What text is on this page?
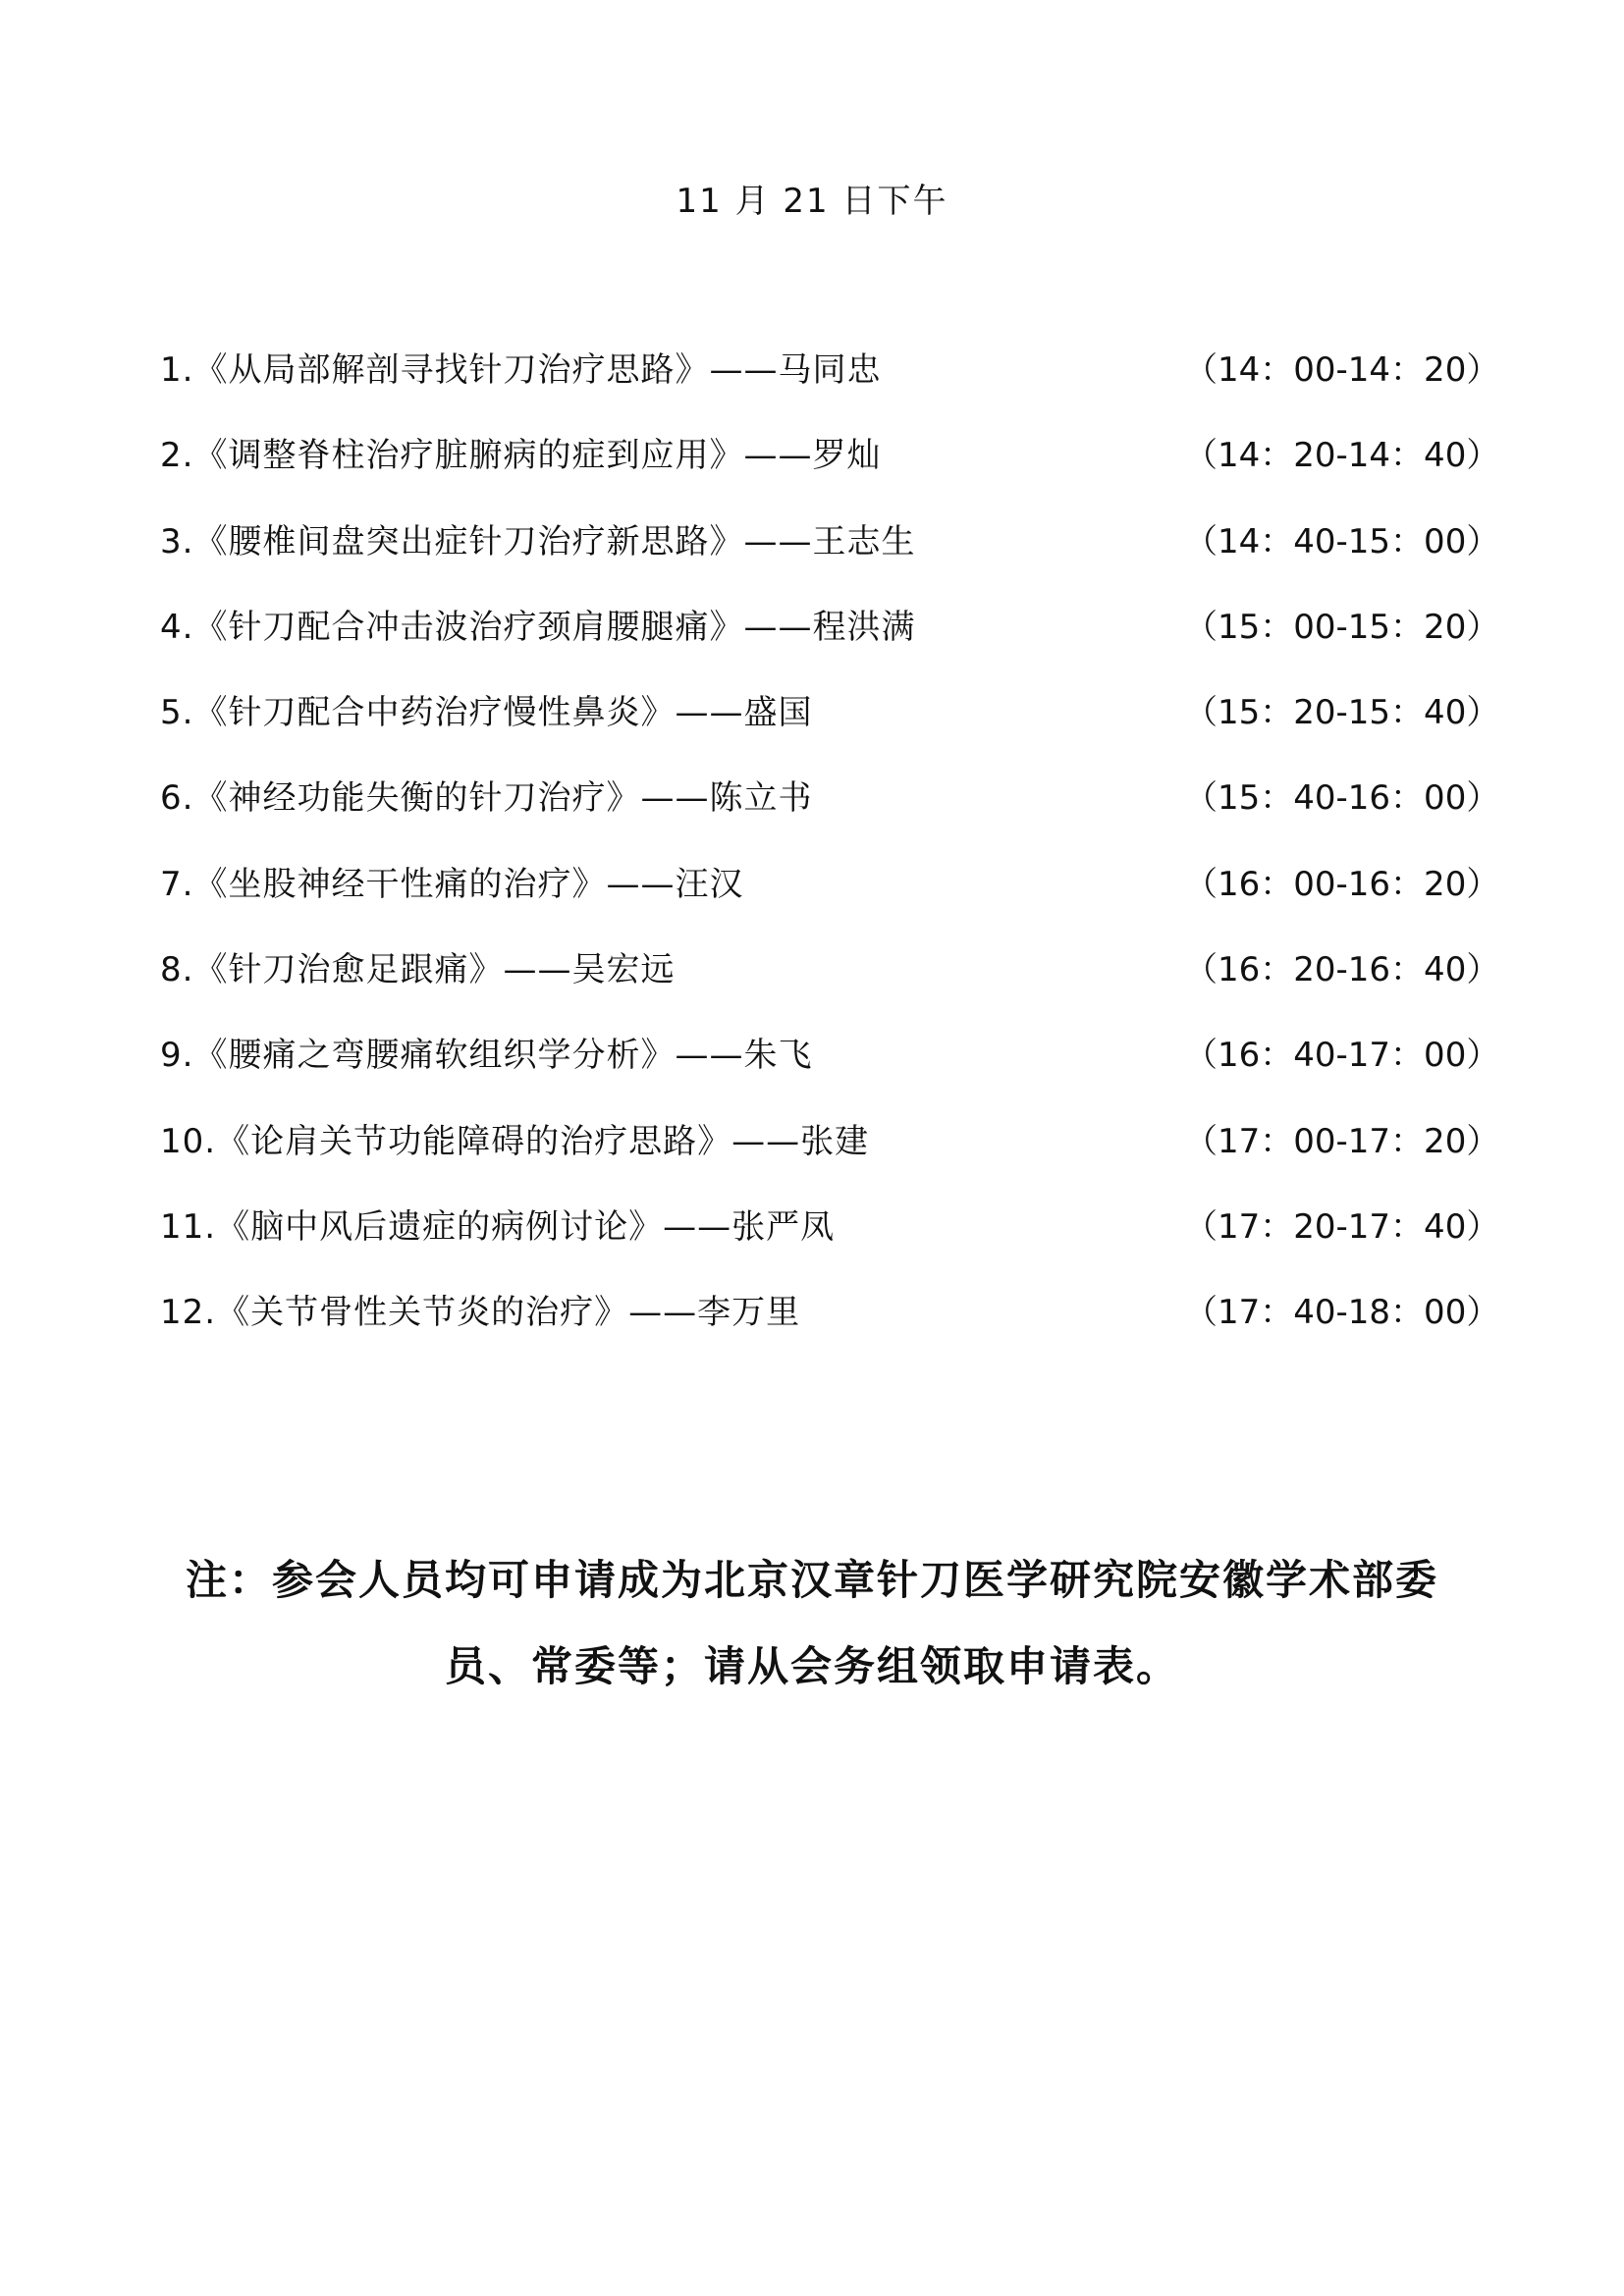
11 月 21 日下午
1.《从局部解剖寻找针刀治疗思路》——马同忠	（14：00-14：20）
2.《调整脊柱治疗脏腑病的症到应用》——罗灿	（14：20-14：40）
3.《腰椎间盘突出症针刀治疗新思路》——王志生	（14：40-15：00）
4.《针刀配合冲击波治疗颈肩腰腿痛》——程洪满	（15：00-15：20）
5.《针刀配合中药治疗慢性鼻炎》——盛国	（15：20-15：40）
6.《神经功能失衡的针刀治疗》——陈立书	（15：40-16：00）
7.《坐股神经干性痛的治疗》——汪汉	（16：00-16：20）
8.《针刀治愈足跟痛》——吴宏远	（16：20-16：40）
9.《腰痛之弯腰痛软组织学分析》——朱飞	（16：40-17：00）
10.《论肩关节功能障碍的治疗思路》——张建	（17：00-17：20）
11.《脑中风后遗症的病例讨论》——张严凤	（17：20-17：40）
12.《关节骨性关节炎的治疗》——李万里	（17：40-18：00）
注：参会人员均可申请成为北京汉章针刀医学研究院安徽学术部委
员、常委等；请从会务组领取申请表。
